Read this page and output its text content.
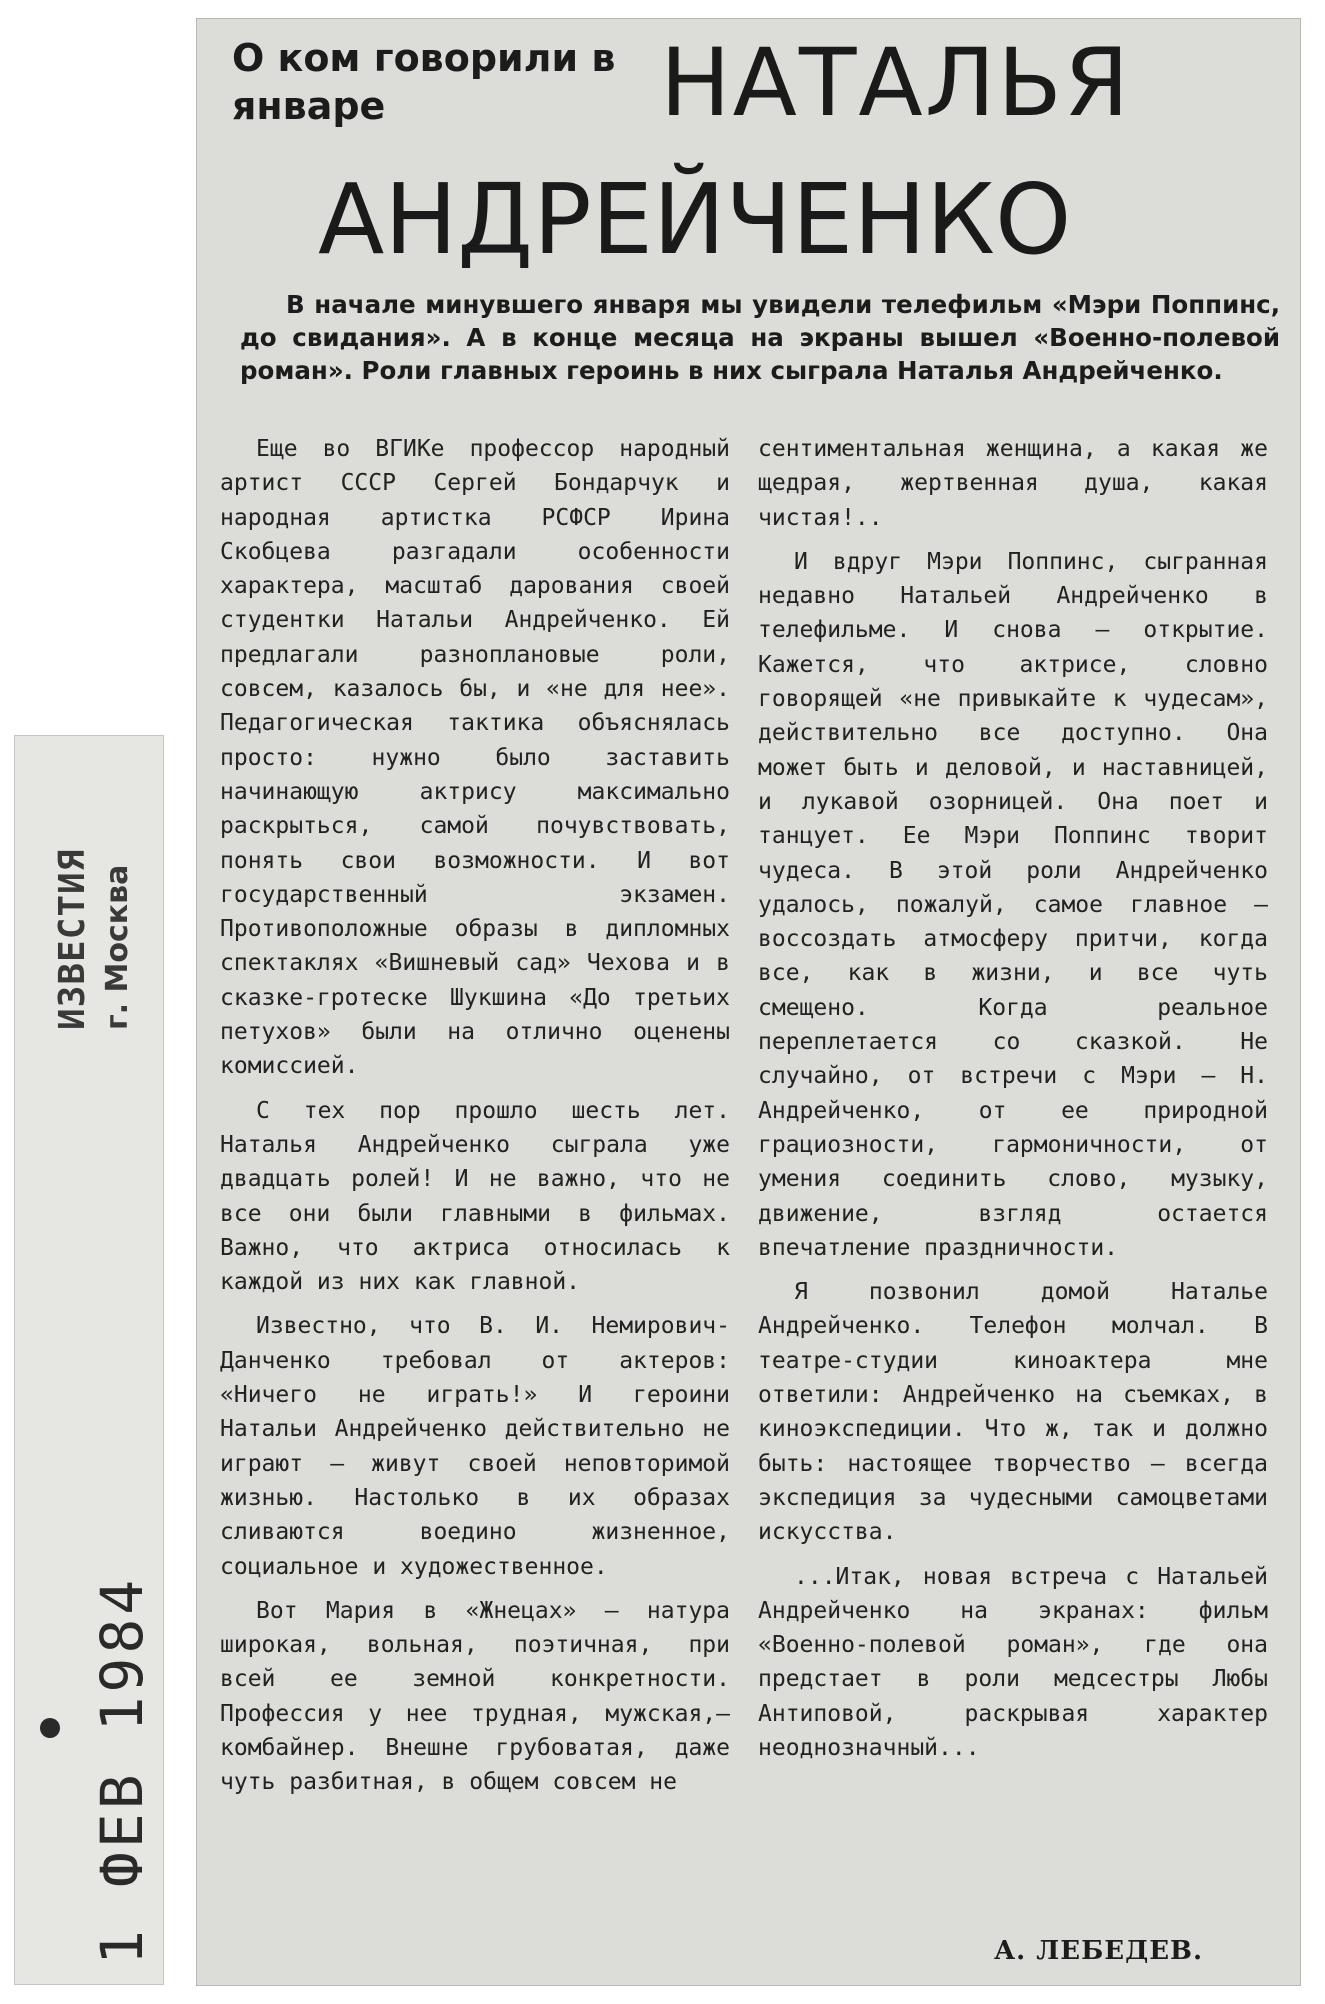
ИЗВЕСТИЯ г. Москва
1 ФЕВ 1984
О ком говорили в январе	НАТАЛЬЯ
АНДРЕЙЧЕНКО
В начале минувшего января мы увидели телефильм «Мэри Поппинс, до свидания». А в конце месяца на экраны вышел «Военно-полевой роман». Роли главных героинь в них сыграла Наталья Андрейченко.

Еще во ВГИКе профессор народный артист СССР Сергей Бондарчук и народная артистка РСФСР Ирина Скобцева разгадали особенности характера, масштаб дарования своей студентки Натальи Андрейченко. Ей предлагали разноплановые роли, совсем, казалось бы, и «не для нее». Педагогическая тактика объяснялась просто: нужно было заставить начинающую актрису максимально раскрыться, самой почувствовать, понять свои возможности. И вот государственный экзамен. Противоположные образы в дипломных спектаклях «Вишневый сад» Чехова и в сказке-гротеске Шукшина «До третьих петухов» были на отлично оценены комиссией.

С тех пор прошло шесть лет. Наталья Андрейченко сыграла уже двадцать ролей! И не важно, что не все они были главными в фильмах. Важно, что актриса относилась к каждой из них как главной.

Известно, что В. И. Немирович-Данченко требовал от актеров: «Ничего не играть!» И героини Натальи Андрейченко действительно не играют — живут своей неповторимой жизнью. Настолько в их образах сливаются воедино жизненное, социальное и художественное.

Вот Мария в «Жнецах» — натура широкая, вольная, поэтичная, при всей ее земной конкретности. Профессия у нее трудная, мужская,—комбайнер. Внешне грубоватая, даже чуть разбитная, в общем совсем не

сентиментальная женщина, а какая же щедрая, жертвенная душа, какая чистая!..

И вдруг Мэри Поппинс, сыгранная недавно Натальей Андрейченко в телефильме. И снова — открытие. Кажется, что актрисе, словно говорящей «не привыкайте к чудесам», действительно все доступно. Она может быть и деловой, и наставницей, и лукавой озорницей. Она поет и танцует. Ее Мэри Поппинс творит чудеса. В этой роли Андрейченко удалось, пожалуй, самое главное — воссоздать атмосферу притчи, когда все, как в жизни, и все чуть смещено. Когда реальное переплетается со сказкой. Не случайно, от встречи с Мэри — Н. Андрейченко, от ее природной грациозности, гармоничности, от умения соединить слово, музыку, движение, взгляд остается впечатление праздничности.

Я позвонил домой Наталье Андрейченко. Телефон молчал. В театре-студии киноактера мне ответили: Андрейченко на съемках, в киноэкспедиции. Что ж, так и должно быть: настоящее творчество — всегда экспедиция за чудесными самоцветами искусства.

...Итак, новая встреча с Натальей Андрейченко на экранах: фильм «Военно-полевой роман», где она предстает в роли медсестры Любы Антиповой, раскрывая характер неоднозначный...

А. ЛЕБЕДЕВ.
